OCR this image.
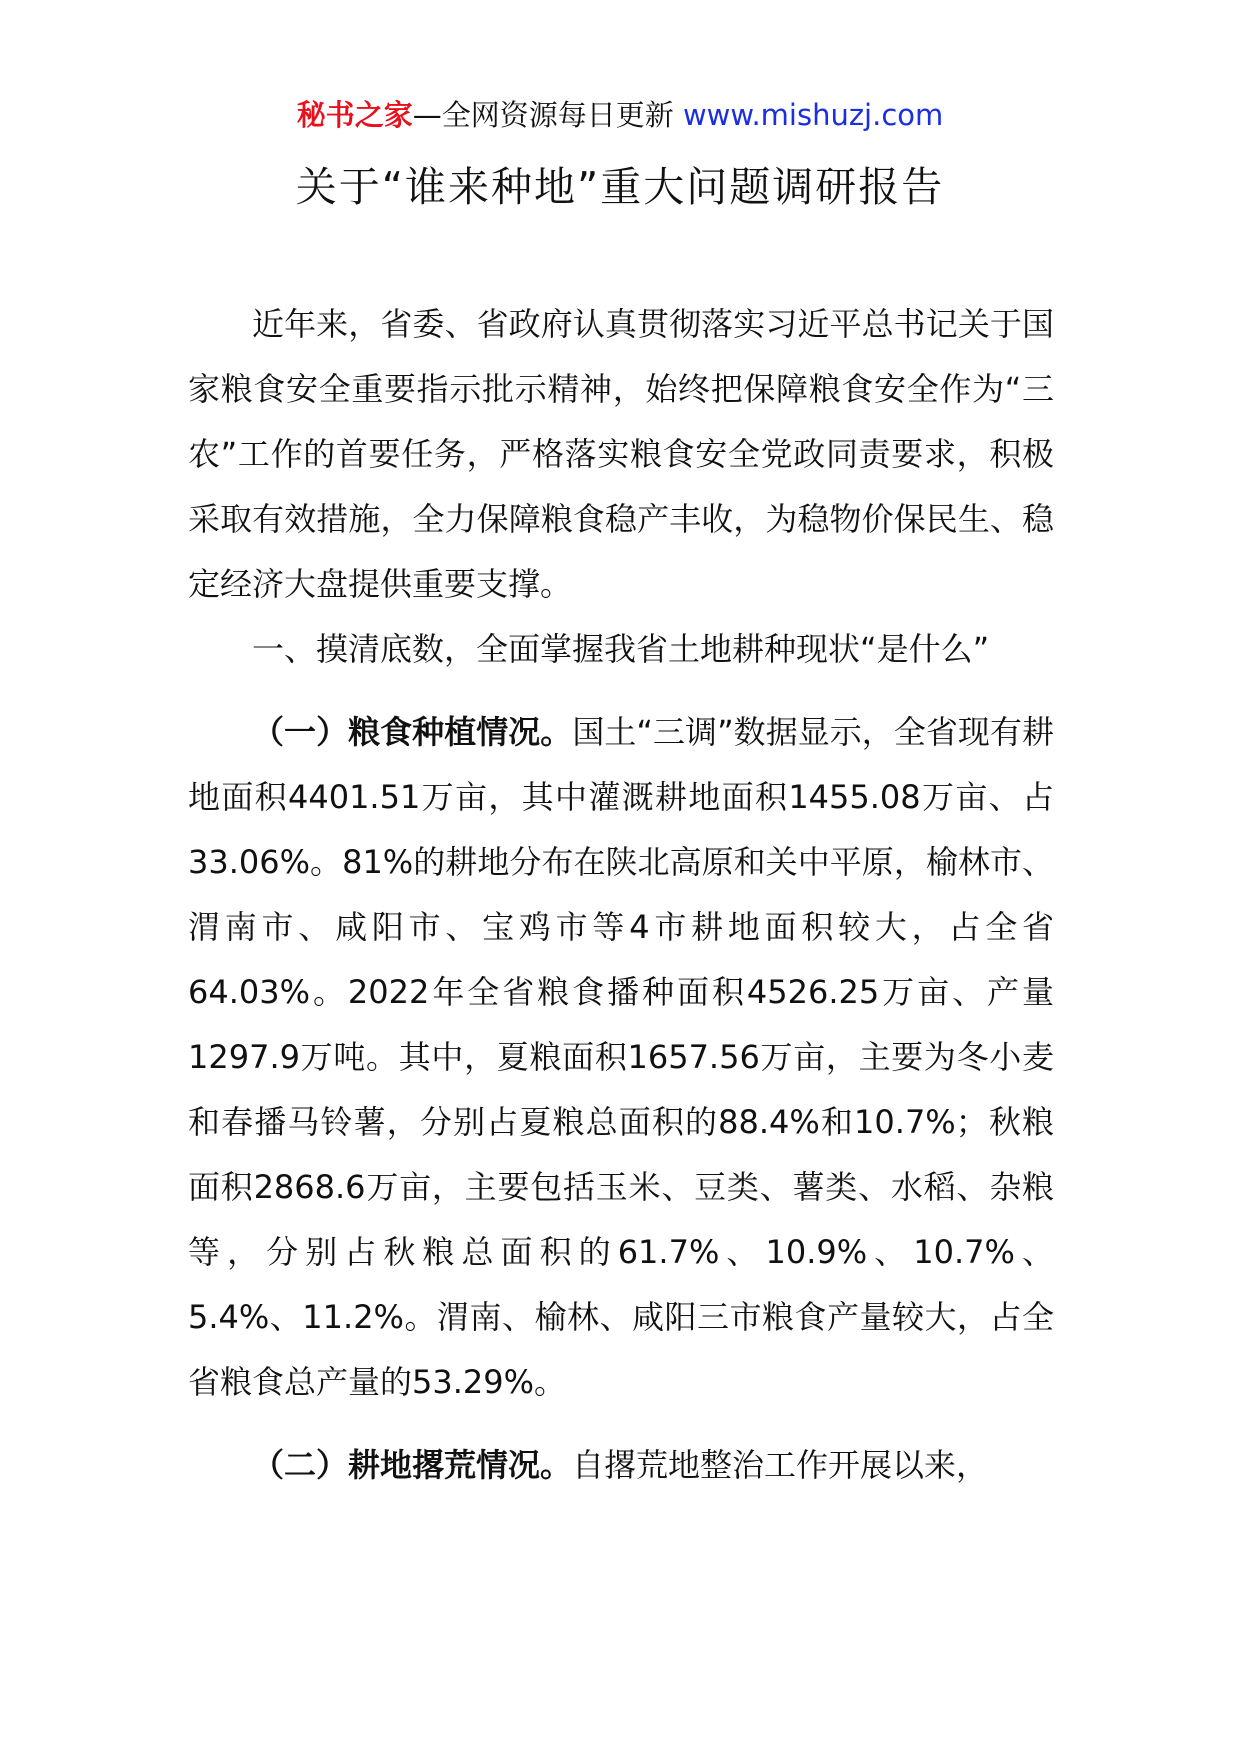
秘书之家—全网资源每日更新 www.mishuzj.com
关于“谁来种地”重大问题调研报告

近年来，省委、省政府认真贯彻落实习近平总书记关于国家粮食安全重要指示批示精神，始终把保障粮食安全作为“三农”工作的首要任务，严格落实粮食安全党政同责要求，积极采取有效措施，全力保障粮食稳产丰收，为稳物价保民生、稳定经济大盘提供重要支撑。

一、摸清底数，全面掌握我省土地耕种现状“是什么”

（一）粮食种植情况。国土“三调”数据显示，全省现有耕地面积4401.51万亩，其中灌溉耕地面积1455.08万亩、占33.06%。81%的耕地分布在陕北高原和关中平原，榆林市、渭南市、咸阳市、宝鸡市等4市耕地面积较大，占全省64.03%。2022年全省粮食播种面积4526.25万亩、产量1297.9万吨。其中，夏粮面积1657.56万亩，主要为冬小麦和春播马铃薯，分别占夏粮总面积的88.4%和10.7%；秋粮面积2868.6万亩，主要包括玉米、豆类、薯类、水稻、杂粮等，分别占秋粮总面积的61.7%、10.9%、10.7%、5.4%、11.2%。渭南、榆林、咸阳三市粮食产量较大，占全省粮食总产量的53.29%。

（二）耕地撂荒情况。自撂荒地整治工作开展以来，
